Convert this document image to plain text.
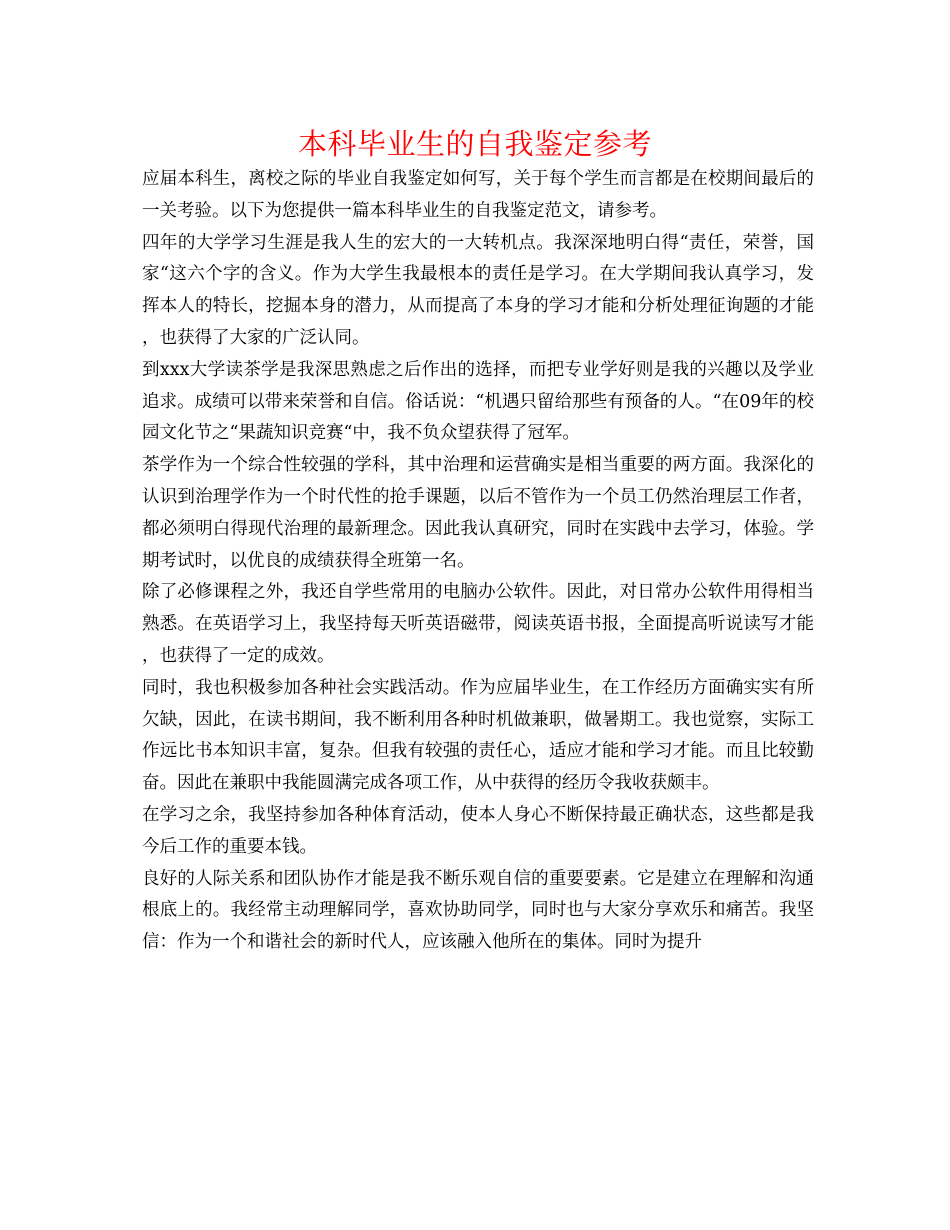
本科毕业生的自我鉴定参考

应届本科生，离校之际的毕业自我鉴定如何写，关于每个学生而言都是在校期间最后的一关考验。以下为您提供一篇本科毕业生的自我鉴定范文，请参考。

四年的大学学习生涯是我人生的宏大的一大转机点。我深深地明白得“责任，荣誉，国家“这六个字的含义。作为大学生我最根本的责任是学习。在大学期间我认真学习，发挥本人的特长，挖掘本身的潜力，从而提高了本身的学习才能和分析处理征询题的才能，也获得了大家的广泛认同。

到xxx大学读茶学是我深思熟虑之后作出的选择，而把专业学好则是我的兴趣以及学业追求。成绩可以带来荣誉和自信。俗话说：“机遇只留给那些有预备的人。“在09年的校园文化节之“果蔬知识竞赛“中，我不负众望获得了冠军。

茶学作为一个综合性较强的学科，其中治理和运营确实是相当重要的两方面。我深化的认识到治理学作为一个时代性的抢手课题，以后不管作为一个员工仍然治理层工作者，都必须明白得现代治理的最新理念。因此我认真研究，同时在实践中去学习，体验。学期考试时，以优良的成绩获得全班第一名。

除了必修课程之外，我还自学些常用的电脑办公软件。因此，对日常办公软件用得相当熟悉。在英语学习上，我坚持每天听英语磁带，阅读英语书报，全面提高听说读写才能，也获得了一定的成效。

同时，我也积极参加各种社会实践活动。作为应届毕业生，在工作经历方面确实实有所欠缺，因此，在读书期间，我不断利用各种时机做兼职，做暑期工。我也觉察，实际工作远比书本知识丰富，复杂。但我有较强的责任心，适应才能和学习才能。而且比较勤奋。因此在兼职中我能圆满完成各项工作，从中获得的经历令我收获颇丰。

在学习之余，我坚持参加各种体育活动，使本人身心不断保持最正确状态，这些都是我今后工作的重要本钱。

良好的人际关系和团队协作才能是我不断乐观自信的重要要素。它是建立在理解和沟通根底上的。我经常主动理解同学，喜欢协助同学，同时也与大家分享欢乐和痛苦。我坚信：作为一个和谐社会的新时代人，应该融入他所在的集体。同时为提升
